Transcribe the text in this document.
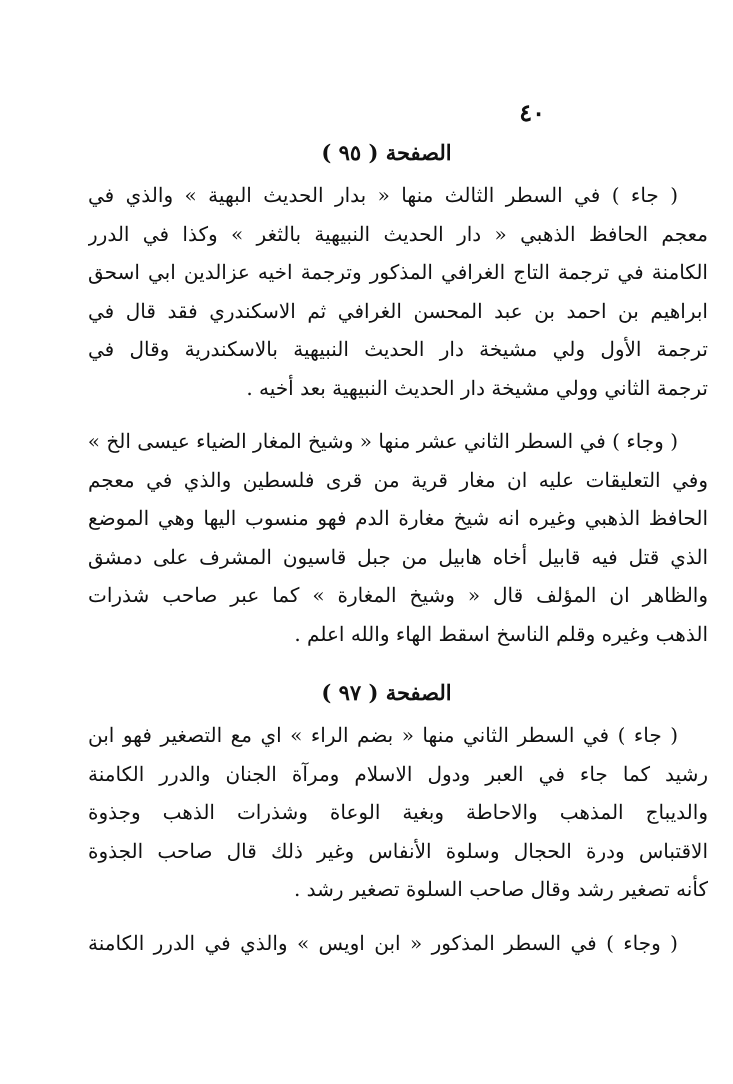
٤٠
الصفحة ( ٩٥ )
( جاء ) في السطر الثالث منها « بدار الحديث البهية » والذي في
معجم الحافظ الذهبي « دار الحديث النبيهية بالثغر » وكذا في الدرر
الكامنة في ترجمة التاج الغرافي المذكور وترجمة اخيه عزالدين ابي اسحق
ابراهيم بن احمد بن عبد المحسن الغرافي ثم الاسكندري فقد قال في
ترجمة الأول ولي مشيخة دار الحديث النبيهية بالاسكندرية وقال في
ترجمة الثاني وولي مشيخة دار الحديث النبيهية بعد أخيه .
( وجاء ) في السطر الثاني عشر منها « وشيخ المغار الضياء عيسى الخ »
وفي التعليقات عليه ان مغار قرية من قرى فلسطين والذي في معجم
الحافظ الذهبي وغيره انه شيخ مغارة الدم فهو منسوب اليها وهي الموضع
الذي قتل فيه قابيل أخاه هابيل من جبل قاسيون المشرف على دمشق
والظاهر ان المؤلف قال « وشيخ المغارة » كما عبر صاحب شذرات
الذهب وغيره وقلم الناسخ اسقط الهاء والله اعلم .
الصفحة ( ٩٧ )
( جاء ) في السطر الثاني منها « بضم الراء » اي مع التصغير فهو ابن
رشيد كما جاء في العبر ودول الاسلام ومرآة الجنان والدرر الكامنة
والديباج المذهب والاحاطة وبغية الوعاة وشذرات الذهب وجذوة
الاقتباس ودرة الحجال وسلوة الأنفاس وغير ذلك قال صاحب الجذوة
كأنه تصغير رشد وقال صاحب السلوة تصغير رشد .
( وجاء ) في السطر المذكور « ابن اويس » والذي في الدرر الكامنة
